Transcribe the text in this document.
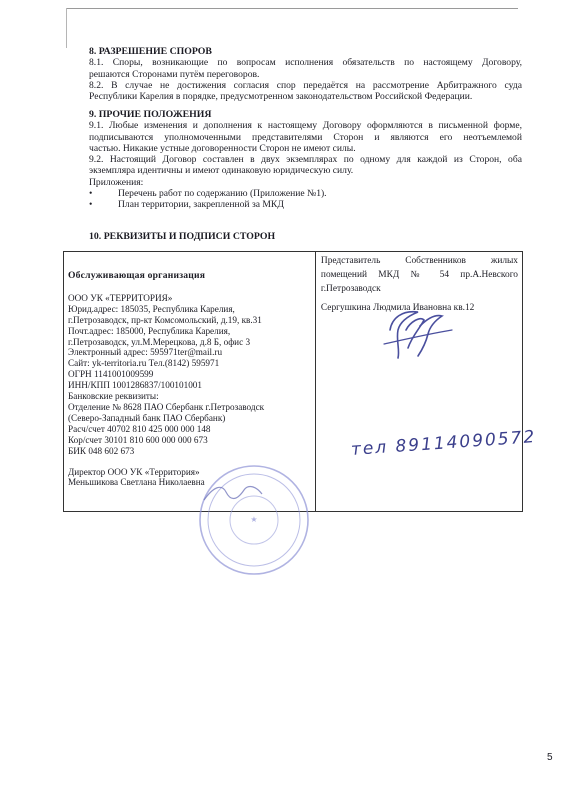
8. РАЗРЕШЕНИЕ СПОРОВ
8.1. Споры, возникающие по вопросам исполнения обязательств по настоящему Договору,
решаются Сторонами путём переговоров.
8.2. В случае не достижения согласия спор передаётся на рассмотрение Арбитражного суда
Республики Карелия в порядке, предусмотренном законодательством Российской Федерации.
9. ПРОЧИЕ ПОЛОЖЕНИЯ
9.1. Любые изменения и дополнения к настоящему Договору оформляются в письменной форме,
подписываются уполномоченными представителями Сторон и являются его неотъемлемой
частью. Никакие устные договоренности Сторон не имеют силы.
9.2. Настоящий Договор составлен в двух экземплярах по одному для каждой из Сторон, оба
экземпляра идентичны и имеют одинаковую юридическую силу.
Приложения:
•	Перечень работ по содержанию (Приложение №1).
•	План территории, закрепленной за МКД
10. РЕКВИЗИТЫ И ПОДПИСИ СТОРОН
Обслуживающая организация
ООО УК «ТЕРРИТОРИЯ»
Юрид.адрес: 185035, Республика Карелия,
г.Петрозаводск, пр-кт Комсомольский, д.19, кв.31
Почт.адрес: 185000, Республика Карелия,
г.Петрозаводск, ул.М.Мерецкова, д.8 Б, офис 3
Электронный адрес: 595971ter@mail.ru
Сайт: yk-territoria.ru Тел.(8142) 595971
ОГРН 1141001009599
ИНН/КПП 1001286837/100101001
Банковские реквизиты:
Отделение № 8628 ПАО Сбербанк г.Петрозаводск
(Северо-Западный банк ПАО Сбербанк)
Расч/счет 40702 810 425 000 000 148
Кор/счет 30101 810 600 000 000 673
БИК 048 602 673
Директор ООО УК «Территория»
Меньшикова Светлана Николаевна

Представитель Собственников жилых
помещений МКД № 54 пр.А.Невского
г.Петрозаводск
Сергушкина Людмила Ивановна кв.12
тел 89114090572
★
5
